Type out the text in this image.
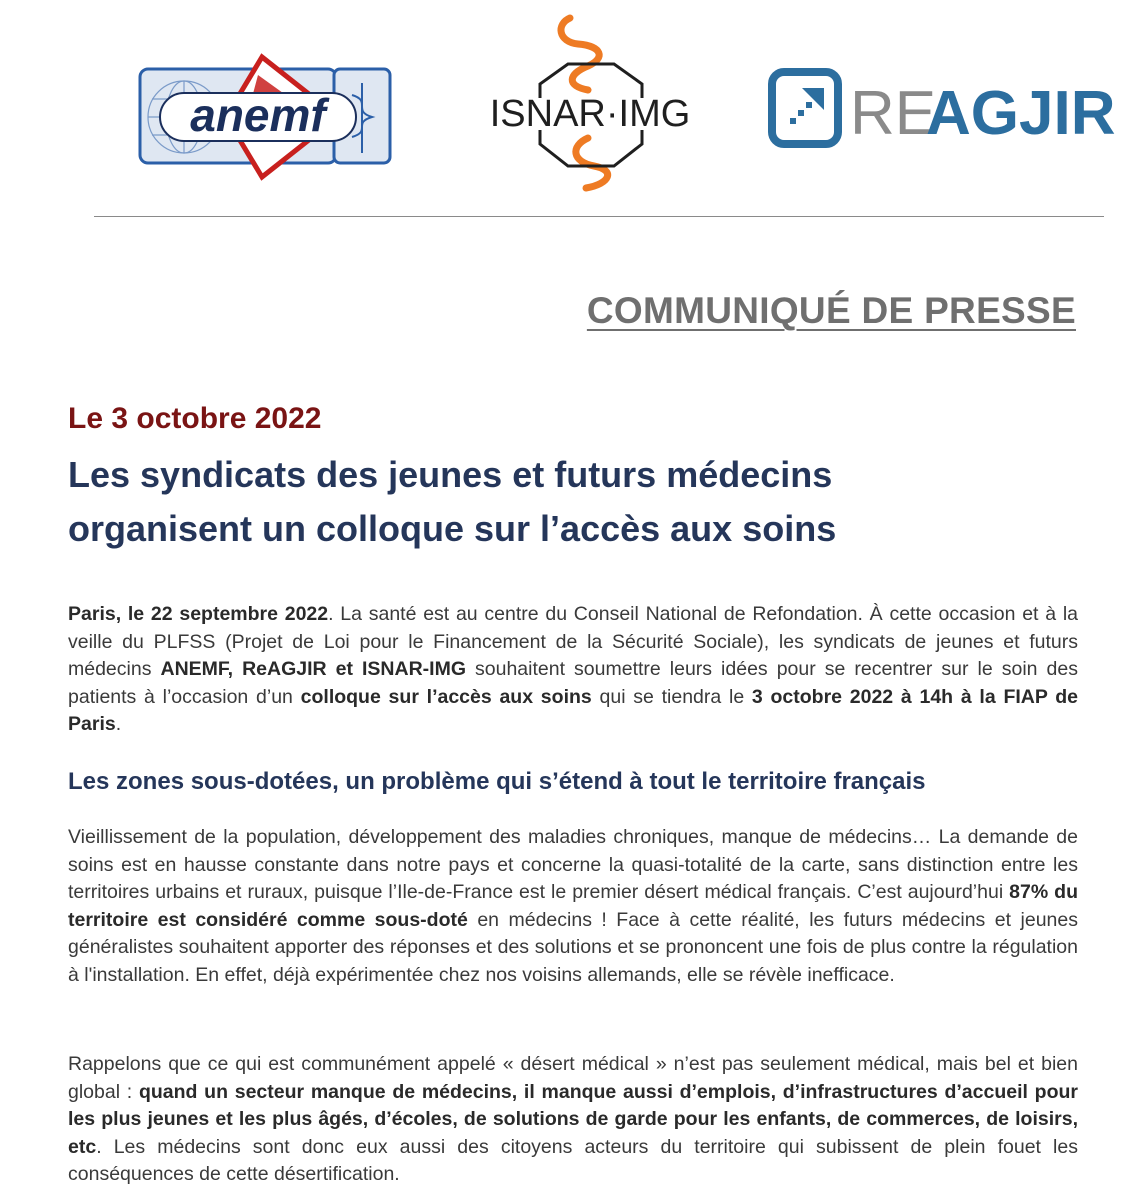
anemf	ISNAR·IMG	RE
AGJIR
COMMUNIQUÉ DE PRESSE
Le 3 octobre 2022
Les syndicats des jeunes et futurs médecins
organisent un colloque sur l’accès aux soins
Paris, le 22 septembre 2022. La santé est au centre du Conseil National de Refondation. À cette occasion et à la veille du PLFSS (Projet de Loi pour le Financement de la Sécurité Sociale), les syndicats de jeunes et futurs médecins ANEMF, ReAGJIR et ISNAR-IMG souhaitent soumettre leurs idées pour se recentrer sur le soin des patients à l’occasion d’un colloque sur l’accès aux soins qui se tiendra le 3 octobre 2022 à 14h à la FIAP de Paris.
Les zones sous-dotées, un problème qui s’étend à tout le territoire français
Vieillissement de la population, développement des maladies chroniques, manque de médecins… La demande de soins est en hausse constante dans notre pays et concerne la quasi-totalité de la carte, sans distinction entre les territoires urbains et ruraux, puisque l’Ile-de-France est le premier désert médical français. C’est aujourd’hui 87% du territoire est considéré comme sous-doté en médecins ! Face à cette réalité, les futurs médecins et jeunes généralistes souhaitent apporter des réponses et des solutions et se prononcent une fois de plus contre la régulation à l'installation. En effet, déjà expérimentée chez nos voisins allemands, elle se révèle inefficace.
Rappelons que ce qui est communément appelé « désert médical » n’est pas seulement médical, mais bel et bien global : quand un secteur manque de médecins, il manque aussi d’emplois, d’infrastructures d’accueil pour les plus jeunes et les plus âgés, d’écoles, de solutions de garde pour les enfants, de commerces, de loisirs, etc. Les médecins sont donc eux aussi des citoyens acteurs du territoire qui subissent de plein fouet les conséquences de cette désertification.
